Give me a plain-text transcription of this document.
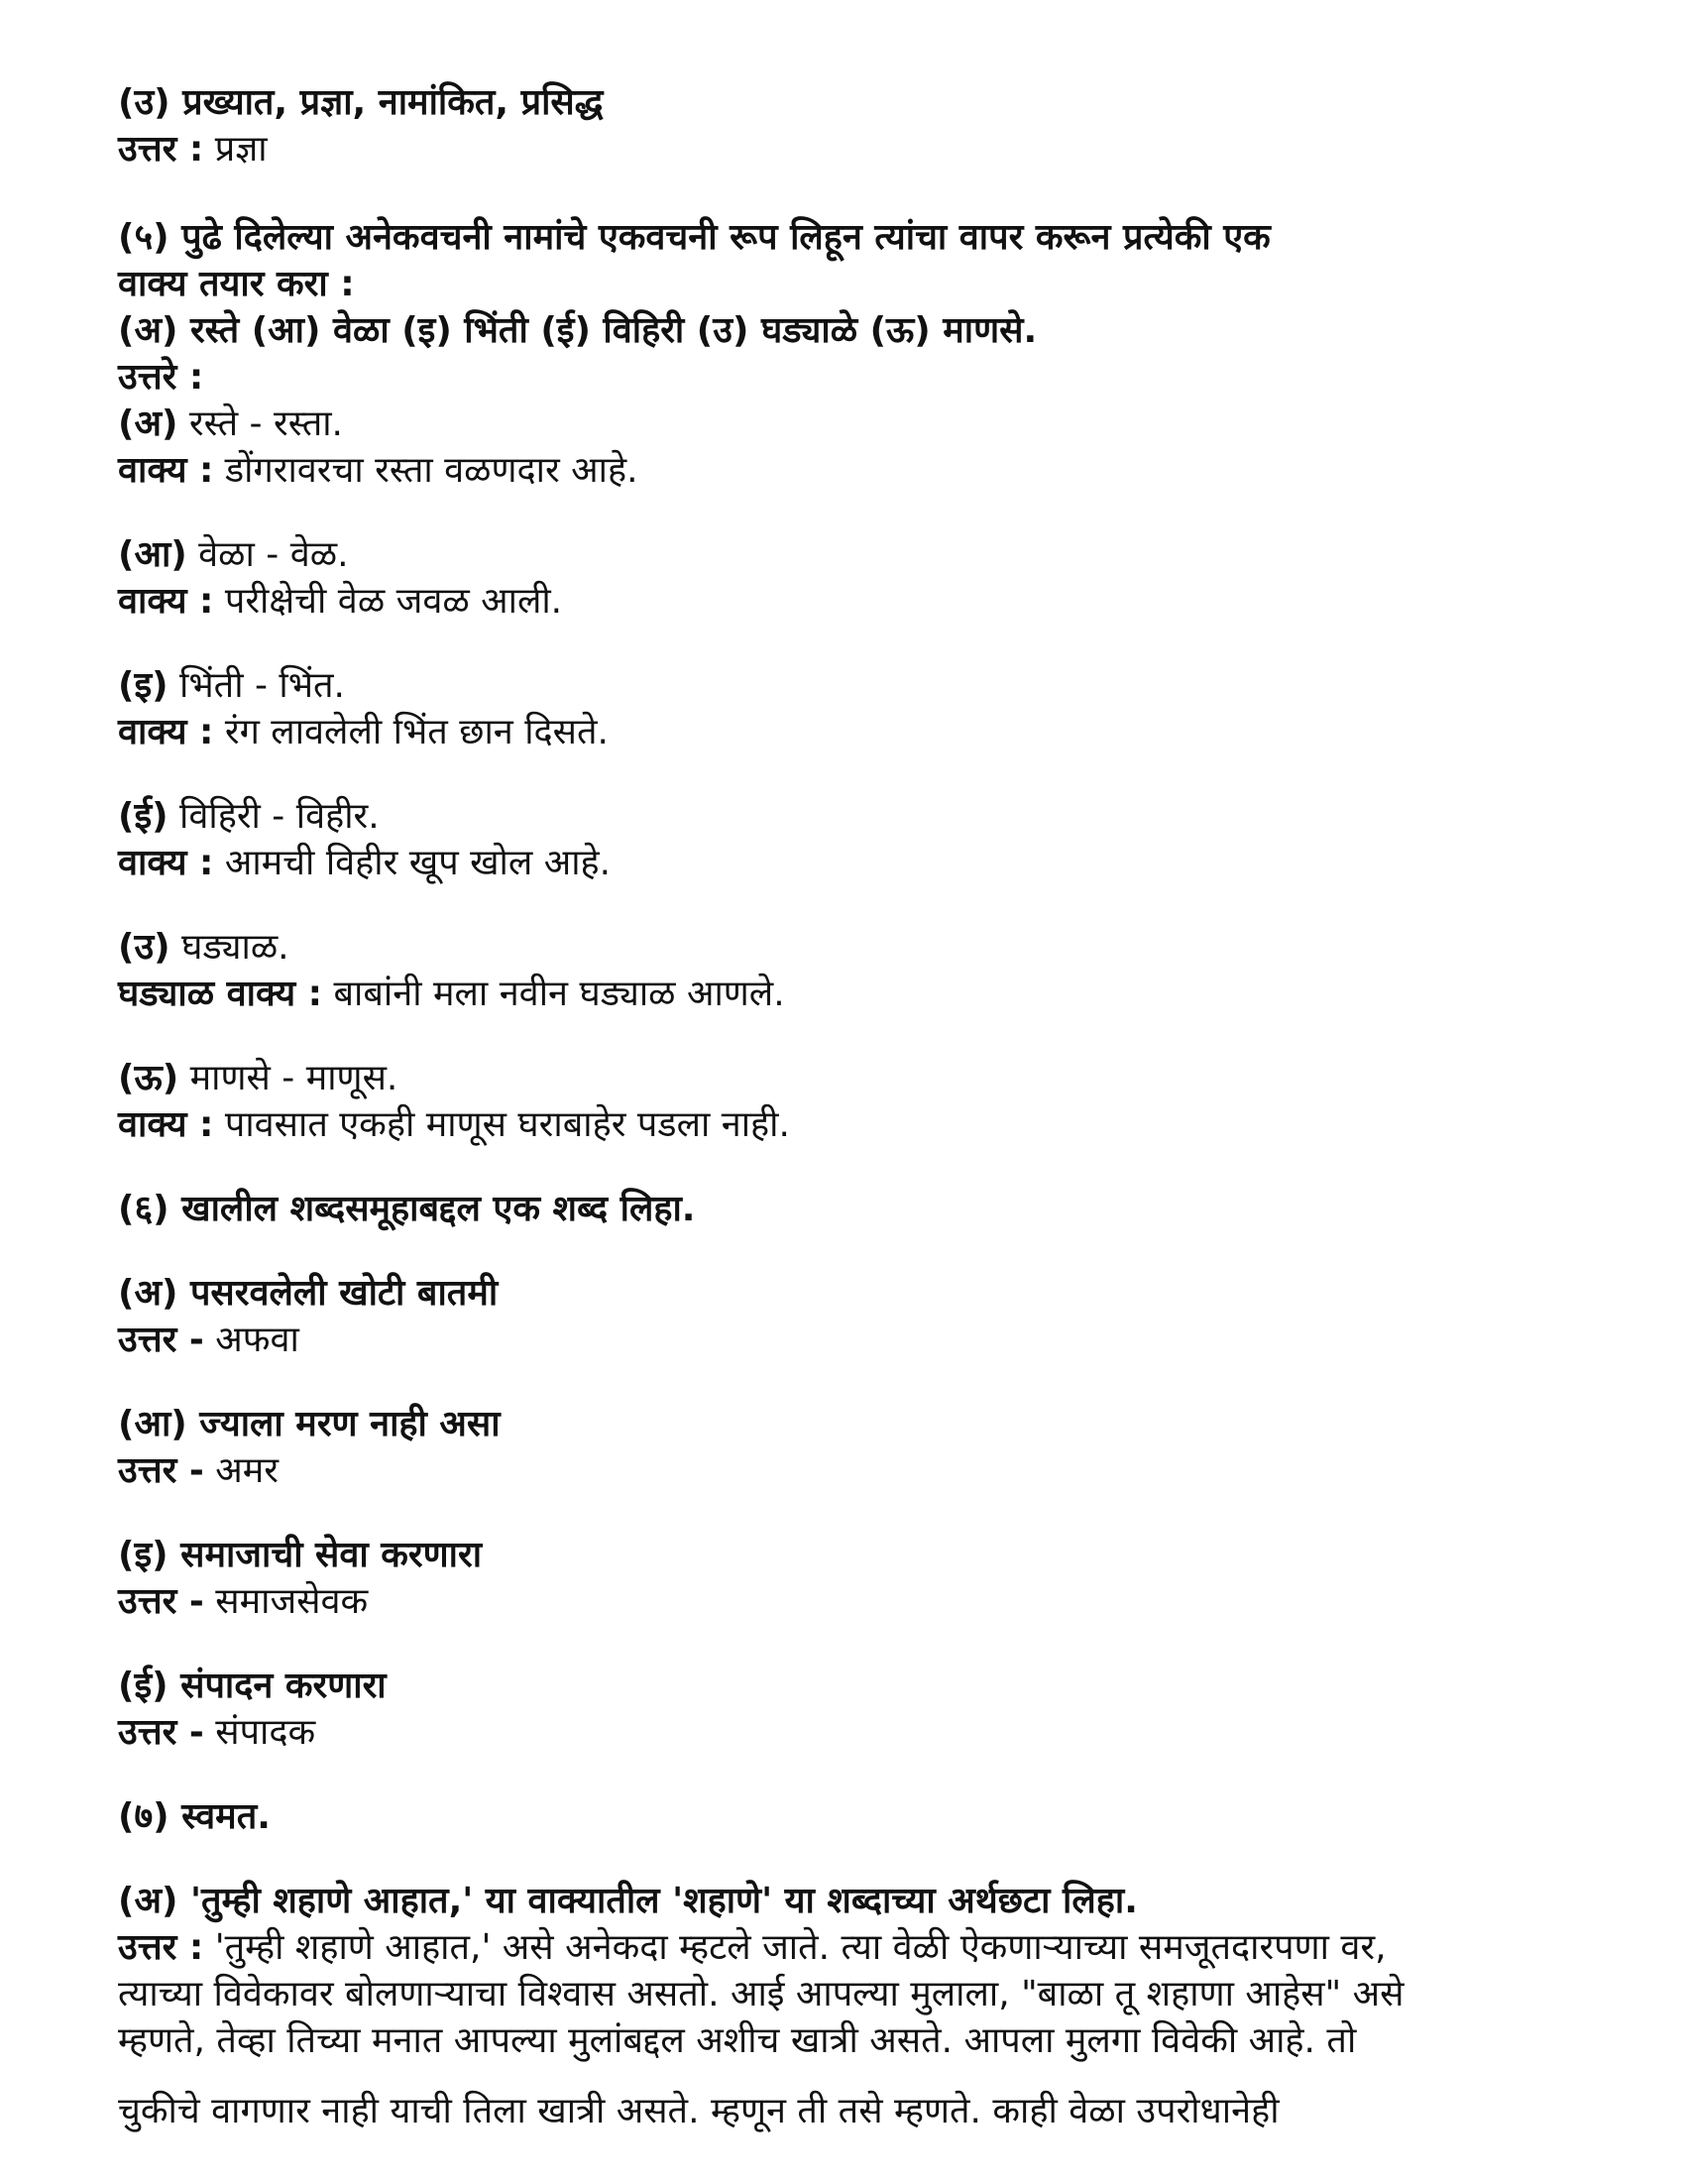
(उ) प्रख्यात, प्रज्ञा, नामांकित, प्रसिद्ध
उत्तर : प्रज्ञा
(५) पुढे दिलेल्या अनेकवचनी नामांचे एकवचनी रूप लिहून त्यांचा वापर करून प्रत्येकी एक
वाक्य तयार करा :
(अ) रस्ते (आ) वेळा (इ) भिंती (ई) विहिरी (उ) घड्याळे (ऊ) माणसे.
उत्तरे :
(अ) रस्ते - रस्ता.
वाक्य : डोंगरावरचा रस्ता वळणदार आहे.
(आ) वेळा - वेळ.
वाक्य : परीक्षेची वेळ जवळ आली.
(इ) भिंती - भिंत.
वाक्य : रंग लावलेली भिंत छान दिसते.
(ई) विहिरी - विहीर.
वाक्य : आमची विहीर खूप खोल आहे.
(उ) घड्याळ.
घड्याळ वाक्य : बाबांनी मला नवीन घड्याळ आणले.
(ऊ) माणसे - माणूस.
वाक्य : पावसात एकही माणूस घराबाहेर पडला नाही.
(६) खालील शब्दसमूहाबद्दल एक शब्द लिहा.
(अ) पसरवलेली खोटी बातमी
उत्तर - अफवा
(आ) ज्याला मरण नाही असा
उत्तर - अमर
(इ) समाजाची सेवा करणारा
उत्तर - समाजसेवक
(ई) संपादन करणारा
उत्तर - संपादक
(७) स्वमत.
(अ) 'तुम्ही शहाणे आहात,' या वाक्यातील 'शहाणे' या शब्दाच्या अर्थछटा लिहा.
उत्तर : 'तुम्ही शहाणे आहात,' असे अनेकदा म्हटले जाते. त्या वेळी ऐकणाऱ्याच्या समजूतदारपणा वर,
त्याच्या विवेकावर बोलणाऱ्याचा विश्वास असतो. आई आपल्या मुलाला, "बाळा तू शहाणा आहेस" असे
म्हणते, तेव्हा तिच्या मनात आपल्या मुलांबद्दल अशीच खात्री असते. आपला मुलगा विवेकी आहे. तो
चुकीचे वागणार नाही याची तिला खात्री असते. म्हणून ती तसे म्हणते. काही वेळा उपरोधानेही
